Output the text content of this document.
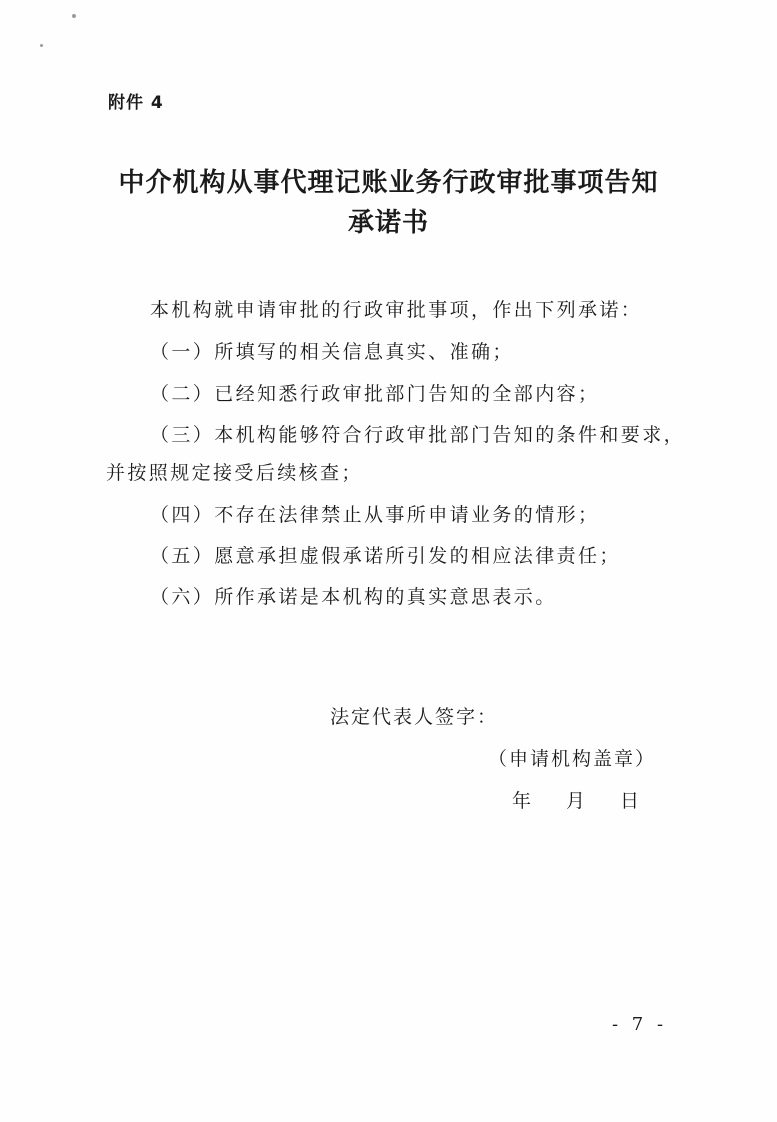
附件 4
中介机构从事代理记账业务行政审批事项告知
承诺书
本机构就申请审批的行政审批事项，作出下列承诺：
（一）所填写的相关信息真实、准确；
（二）已经知悉行政审批部门告知的全部内容；
（三）本机构能够符合行政审批部门告知的条件和要求，
并按照规定接受后续核查；
（四）不存在法律禁止从事所申请业务的情形；
（五）愿意承担虚假承诺所引发的相应法律责任；
（六）所作承诺是本机构的真实意思表示。
法定代表人签字：
（申请机构盖章）
年 月 日
- 7 -
